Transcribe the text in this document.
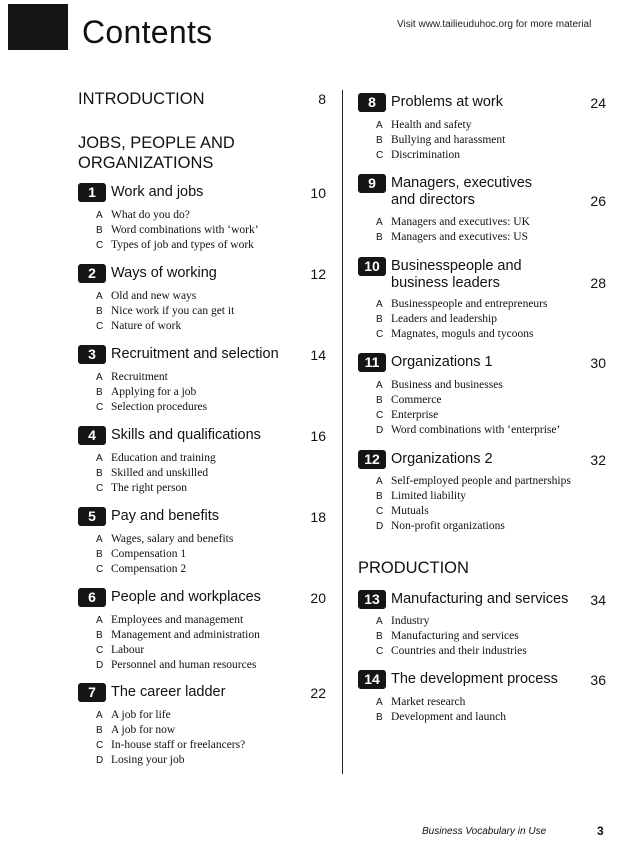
Contents	Visit www.tailieuduhoc.org for more material
INTRODUCTION	8
JOBS, PEOPLE AND ORGANIZATIONS
1	Work and jobs	10
A What do you do?
B Word combinations with ‘work’
C Types of job and types of work
2	Ways of working	12
A Old and new ways
B Nice work if you can get it
C Nature of work
3	Recruitment and selection 14
A Recruitment
B Applying for a job
C Selection procedures
4	Skills and qualifications	16
A Education and training
B Skilled and unskilled
C The right person
5	Pay and benefits	18
A Wages, salary and benefits
B Compensation 1
C Compensation 2
6	People and workplaces	20
A Employees and management
B Management and administration
C Labour
D Personnel and human resources
7	The career ladder	22
A A job for life
B A job for now
C In-house staff or freelancers?
D Losing your job
PRODUCTION
8	Problems at work	24
A Health and safety
B Bullying and harassment
C Discrimination
9	Managers, executives
and directors	26
A Managers and executives: UK
B Managers and executives: US
10 Businesspeople and
business leaders	28
A Businesspeople and entrepreneurs
B Leaders and leadership
C Magnates, moguls and tycoons
11 Organizations 1	30
A Business and businesses
B Commerce
C Enterprise
D Word combinations with ‘enterprise’
12 Organizations 2	32
A Self-employed people and partnerships
B Limited liability
C Mutuals
D Non-profit organizations
13 Manufacturing and services 34
A Industry
B Manufacturing and services
C Countries and their industries
14 The development process 36
A Market research
B Development and launch
Business Vocabulary in Use	3
